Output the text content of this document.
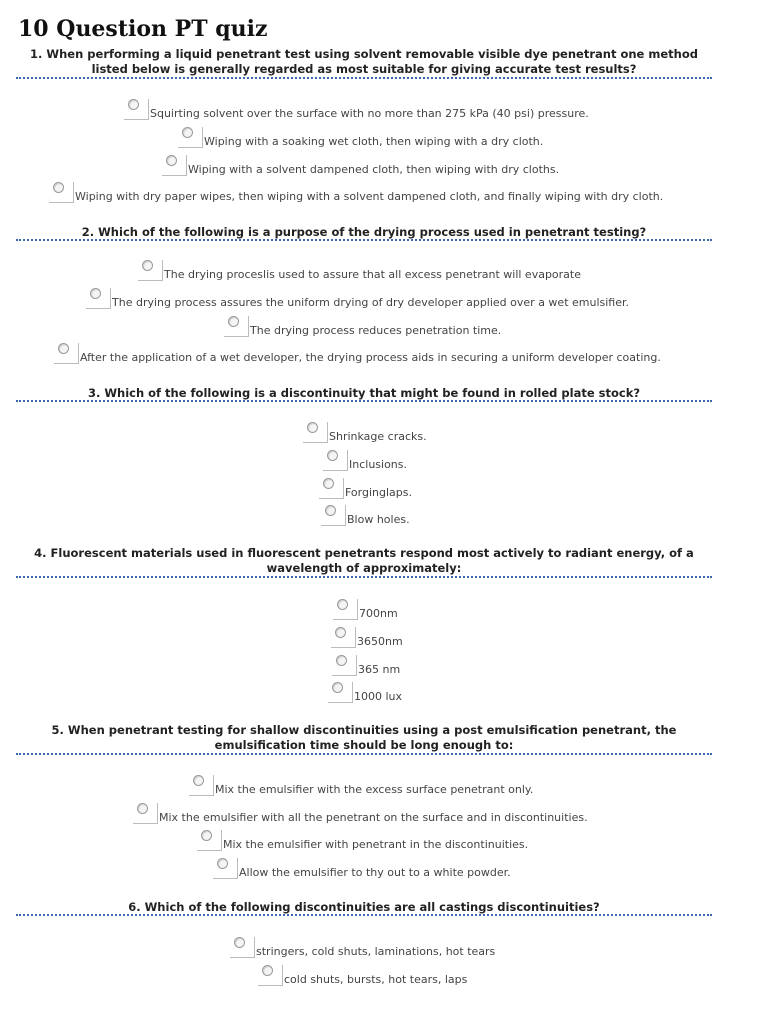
10 Question PT quiz
1. When performing a liquid penetrant test using solvent removable visible dye penetrant one method listed below is generally regarded as most suitable for giving accurate test results?
Squirting solvent over the surface with no more than 275 kPa (40 psi) pressure.
Wiping with a soaking wet cloth, then wiping with a dry cloth.
Wiping with a solvent dampened cloth, then wiping with dry cloths.
Wiping with dry paper wipes, then wiping with a solvent dampened cloth, and finally wiping with dry cloth.
2. Which of the following is a purpose of the drying process used in penetrant testing?
The drying proceslis used to assure that all excess penetrant will evaporate
The drying process assures the uniform drying of dry developer applied over a wet emulsifier.
The drying process reduces penetration time.
After the application of a wet developer, the drying process aids in securing a uniform developer coating.
3. Which of the following is a discontinuity that might be found in rolled plate stock?
Shrinkage cracks.
Inclusions.
Forginglaps.
Blow holes.
4. Fluorescent materials used in fluorescent penetrants respond most actively to radiant energy, of a wavelength of approximately:
700nm
3650nm
365 nm
1000 lux
5. When penetrant testing for shallow discontinuities using a post emulsification penetrant, the emulsification time should be long enough to:
Mix the emulsifier with the excess surface penetrant only.
Mix the emulsifier with all the penetrant on the surface and in discontinuities.
Mix the emulsifier with penetrant in the discontinuities.
Allow the emulsifier to thy out to a white powder.
6. Which of the following discontinuities are all castings discontinuities?
stringers, cold shuts, laminations, hot tears
cold shuts, bursts, hot tears, laps
